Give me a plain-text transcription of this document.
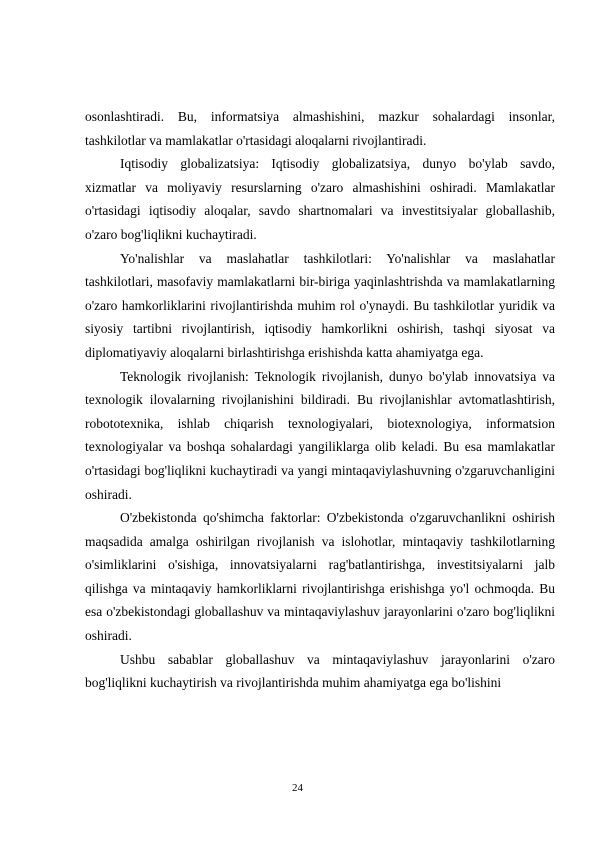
osonlashtiradi. Bu, informatsiya almashishini, mazkur sohalardagi insonlar, tashkilotlar va mamlakatlar o'rtasidagi aloqalarni rivojlantiradi.

Iqtisodiy globalizatsiya: Iqtisodiy globalizatsiya, dunyo bo'ylab savdo, xizmatlar va moliyaviy resurslarning o'zaro almashishini oshiradi. Mamlakatlar o'rtasidagi iqtisodiy aloqalar, savdo shartnomalari va investitsiyalar globallashib, o'zaro bog'liqlikni kuchaytiradi.

Yo'nalishlar va maslahatlar tashkilotlari: Yo'nalishlar va maslahatlar tashkilotlari, masofaviy mamlakatlarni bir-biriga yaqinlashtrishda va mamlakatlarning o'zaro hamkorliklarini rivojlantirishda muhim rol o'ynaydi. Bu tashkilotlar yuridik va siyosiy tartibni rivojlantirish, iqtisodiy hamkorlikni oshirish, tashqi siyosat va diplomatiyaviy aloqalarni birlashtirishga erishishda katta ahamiyatga ega.

Teknologik rivojlanish: Teknologik rivojlanish, dunyo bo'ylab innovatsiya va texnologik ilovalarning rivojlanishini bildiradi. Bu rivojlanishlar avtomatlashtirish, robototexnika, ishlab chiqarish texnologiyalari, biotexnologiya, informatsion texnologiyalar va boshqa sohalardagi yangiliklarga olib keladi. Bu esa mamlakatlar o'rtasidagi bog'liqlikni kuchaytiradi va yangi mintaqaviylashuvning o'zgaruvchanligini oshiradi.

O'zbekistonda qo'shimcha faktorlar: O'zbekistonda o'zgaruvchanlikni oshirish maqsadida amalga oshirilgan rivojlanish va islohotlar, mintaqaviy tashkilotlarning o'simliklarini o'sishiga, innovatsiyalarni rag'batlantirishga, investitsiyalarni jalb qilishga va mintaqaviy hamkorliklarni rivojlantirishga erishishga yo'l ochmoqda. Bu esa o'zbekistondagi globallashuv va mintaqaviylashuv jarayonlarini o'zaro bog'liqlikni oshiradi.

Ushbu sabablar globallashuv va mintaqaviylashuv jarayonlarini o'zaro bog'liqlikni kuchaytirish va rivojlantirishda muhim ahamiyatga ega bo'lishini

24
